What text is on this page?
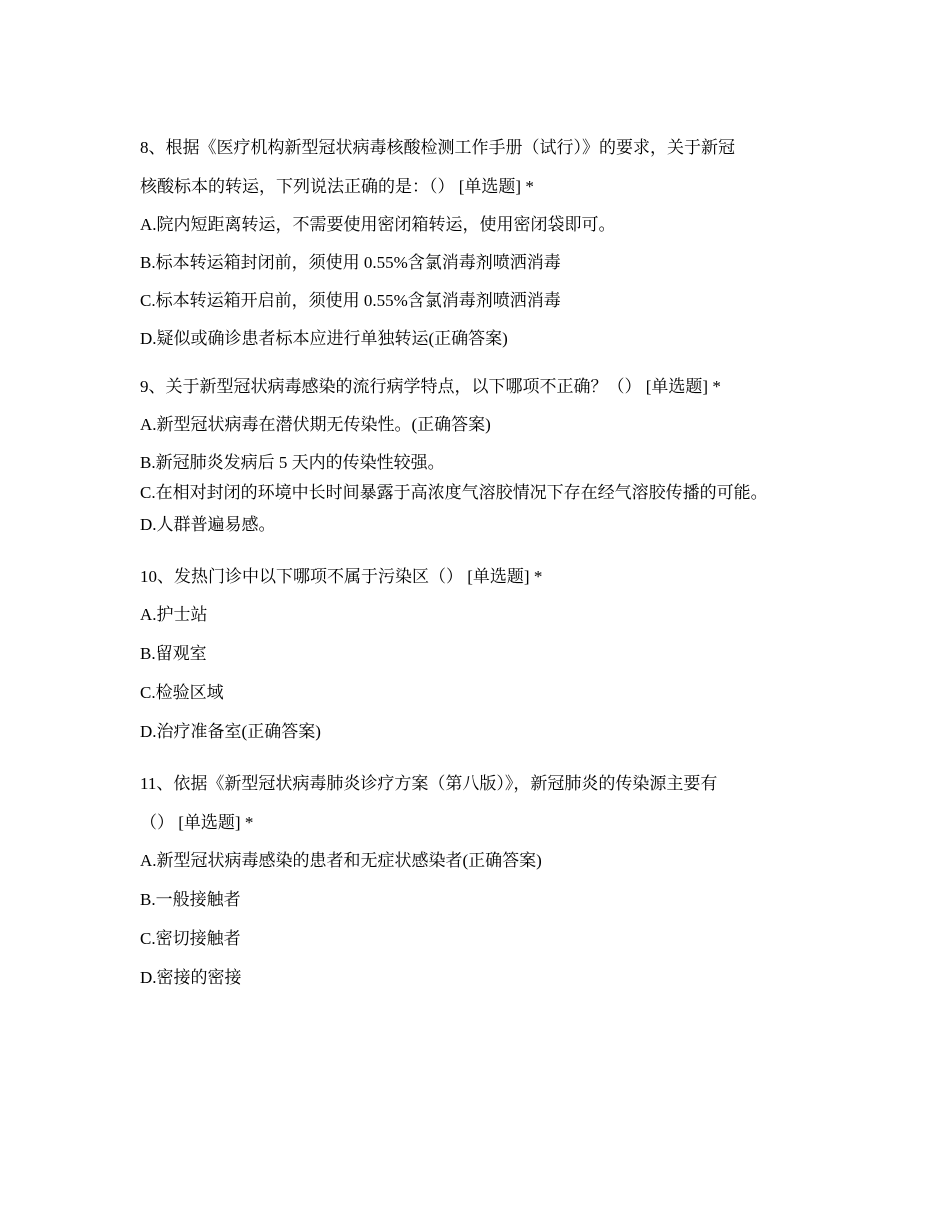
8、根据《医疗机构新型冠状病毒核酸检测工作手册（试行）》的要求，关于新冠
核酸标本的转运，下列说法正确的是：（） [单选题] *
A.院内短距离转运，不需要使用密闭箱转运，使用密闭袋即可。
B.标本转运箱封闭前，须使用 0.55%含氯消毒剂喷洒消毒
C.标本转运箱开启前，须使用 0.55%含氯消毒剂喷洒消毒
D.疑似或确诊患者标本应进行单独转运(正确答案)
9、关于新型冠状病毒感染的流行病学特点，以下哪项不正确？（） [单选题] *
A.新型冠状病毒在潜伏期无传染性。(正确答案)
B.新冠肺炎发病后 5 天内的传染性较强。
C.在相对封闭的环境中长时间暴露于高浓度气溶胶情况下存在经气溶胶传播的可能。
D.人群普遍易感。
10、发热门诊中以下哪项不属于污染区（） [单选题] *
A.护士站
B.留观室
C.检验区域
D.治疗准备室(正确答案)
11、依据《新型冠状病毒肺炎诊疗方案（第八版）》，新冠肺炎的传染源主要有
（） [单选题] *
A.新型冠状病毒感染的患者和无症状感染者(正确答案)
B.一般接触者
C.密切接触者
D.密接的密接
